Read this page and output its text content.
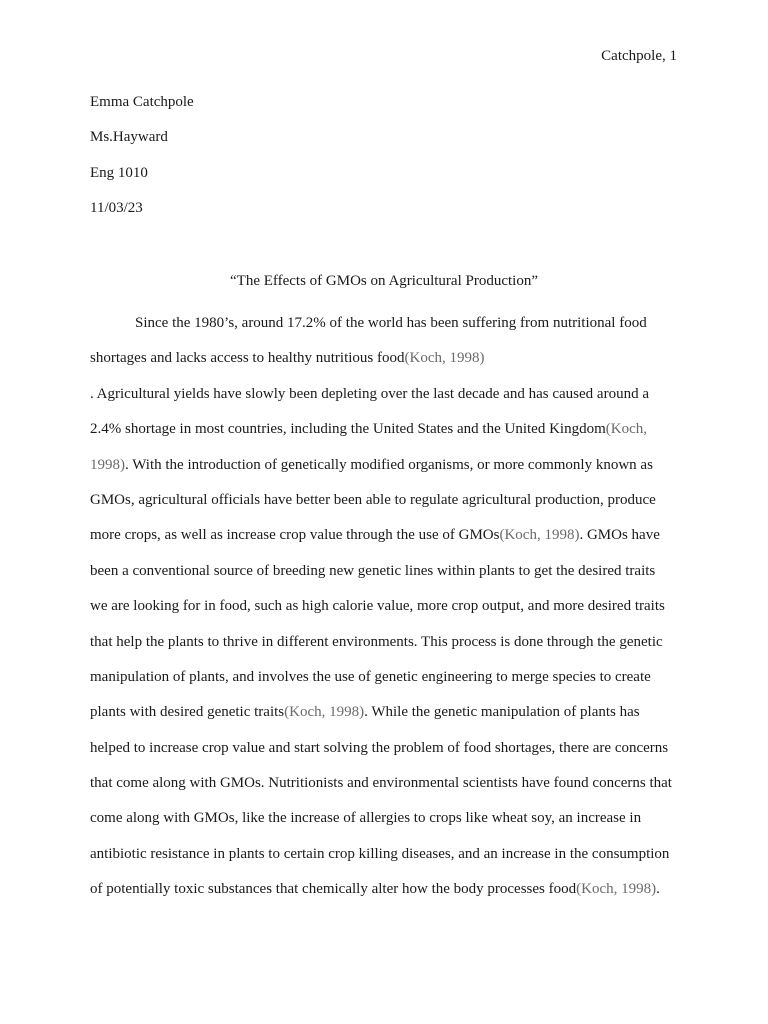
Catchpole, 1
Emma Catchpole
Ms.Hayward
Eng 1010
11/03/23
“The Effects of GMOs on Agricultural Production”
Since the 1980’s, around 17.2% of the world has been suffering from nutritional food
shortages and lacks access to healthy nutritious food(Koch, 1998)
. Agricultural yields have slowly been depleting over the last decade and has caused around a
2.4% shortage in most countries, including the United States and the United Kingdom(Koch,
1998). With the introduction of genetically modified organisms, or more commonly known as
GMOs, agricultural officials have better been able to regulate agricultural production, produce
more crops, as well as increase crop value through the use of GMOs(Koch, 1998). GMOs have
been a conventional source of breeding new genetic lines within plants to get the desired traits
we are looking for in food, such as high calorie value, more crop output, and more desired traits
that help the plants to thrive in different environments. This process is done through the genetic
manipulation of plants, and involves the use of genetic engineering to merge species to create
plants with desired genetic traits(Koch, 1998). While the genetic manipulation of plants has
helped to increase crop value and start solving the problem of food shortages, there are concerns
that come along with GMOs. Nutritionists and environmental scientists have found concerns that
come along with GMOs, like the increase of allergies to crops like wheat soy, an increase in
antibiotic resistance in plants to certain crop killing diseases, and an increase in the consumption
of potentially toxic substances that chemically alter how the body processes food(Koch, 1998).
